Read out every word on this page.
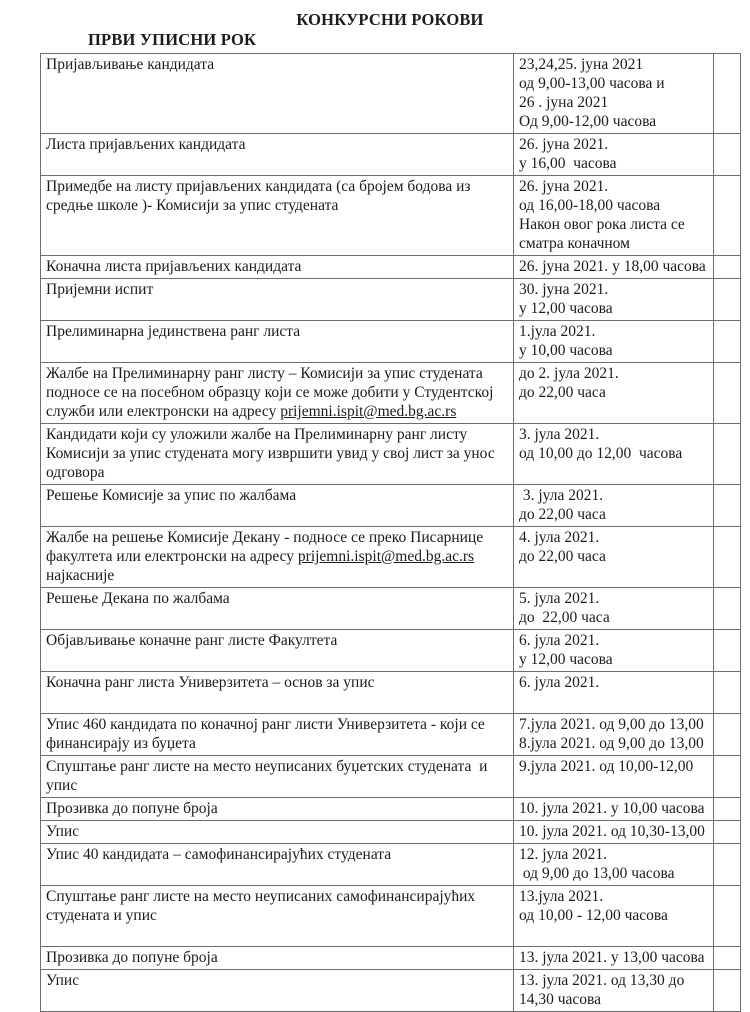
КОНКУРСНИ РОКОВИ
ПРВИ УПИСНИ РОК
Пријављивање кандидата	23,24,25. јуна 2021
од 9,00-13,00 часова и
26 . јуна 2021
Од 9,00-12,00 часова	

Листа пријављених кандидата	26. јуна 2021.
у 16,00  часова	

Примедбе на листу пријављених кандидата (са бројем бодова из средње школе )- Комисији за упис студената	26. јуна 2021.
од 16,00-18,00 часова
Након овог рока листа се сматра коначном	

Коначна листа пријављених кандидата	26. јуна 2021. у 18,00 часова	

Пријемни испит	30. јуна 2021.
у 12,00 часова	

Прелиминарна јединствена ранг листа	1.јула 2021.
у 10,00 часова	

Жалбе на Прелиминарну ранг листу – Комисији за упис студената подносе се на посебном образцу који се може добити у Студентској служби или електронски на адресу prijemni.ispit@med.bg.ac.rs	до 2. јула 2021.
до 22,00 часа	

Кандидати који су уложили жалбе на Прелиминарну ранг листу Комисији за упис студената могу извршити увид у свој лист за унос одговора	3. јула 2021.
од 10,00 до 12,00  часова	

Решење Комисије за упис по жалбама	3. јула 2021.
до 22,00 часа	

Жалбе на решење Комисије Декану - подносе се преко Писарнице факултета или електронски на адресу prijemni.ispit@med.bg.ac.rs најкасније	4. јула 2021.
до 22,00 часа	

Решење Декана по жалбама	5. јула 2021.
до  22,00 часа	

Објављивање коначне ранг листе Факултета	6. јула 2021.
у 12,00 часова	

Коначна ранг листа Универзитета – основ за упис	6. јула 2021.	

Упис 460 кандидата по коначној ранг листи Универзитета - који се финансирају из буџета	7.јула 2021. од 9,00 до 13,00
8.јула 2021. од 9,00 до 13,00	

Спуштање ранг листе на место неуписаних буџетских студената  и упис	9.јула 2021. од 10,00-12,00	

Прозивка до попуне броја	10. јула 2021. у 10,00 часова	

Упис	10. јула 2021. од 10,30-13,00	

Упис 40 кандидата – самофинансирајућих студената	12. јула 2021.
од 9,00 до 13,00 часова	

Спуштање ранг листе на место неуписаних самофинансирајућих студената и упис	13.јула 2021.
од 10,00 - 12,00 часова	

Прозивка до попуне броја	13. јула 2021. у 13,00 часова	

Упис	13. јула 2021. од 13,30 до 14,30 часова	
